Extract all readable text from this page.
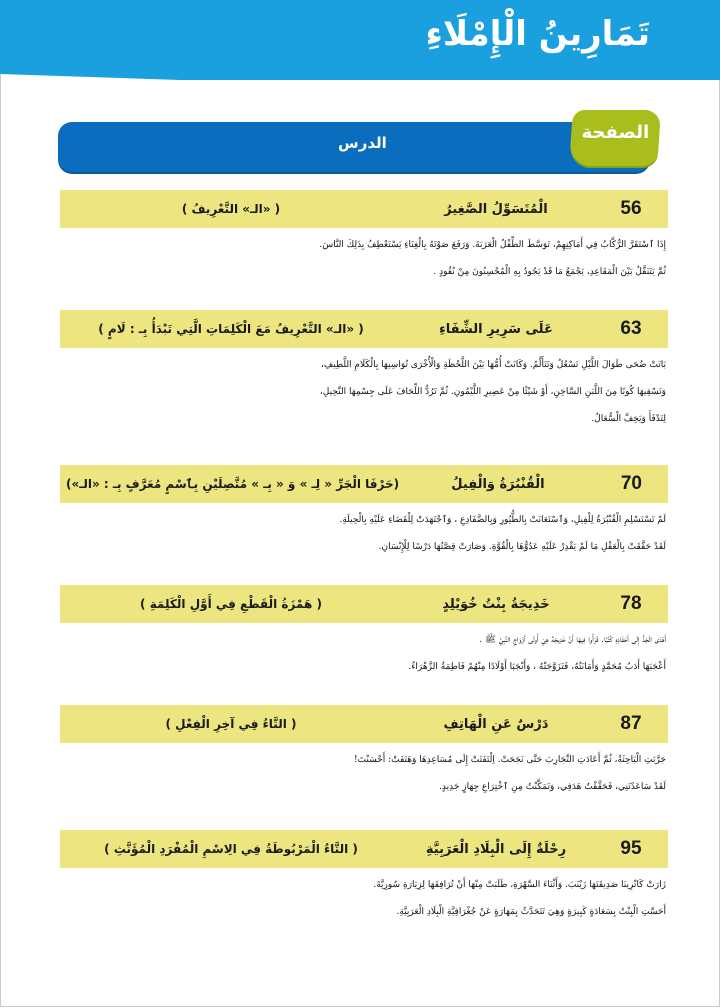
تَمَارِينُ الْإِمْلَاءِ
الدرس	الصفحة
56
الْمُتَسَوِّلُ الصَّغِيرُ
( «الـ» التَّعْرِيفُ )

إِذَا ٱسْتَقَرَّ الرُّكَّابُ فِي أَمَاكِنِهِمْ، تَوَسَّطَ الطِّفْلُ الْعَرَبَةَ. وَرَفَعَ صَوْتَهُ بِالْغِنَاءِ يَسْتَعْطِفُ بِذَلِكَ النَّاسَ.

ثُمَّ يَتَنَقَّلُ بَيْنَ الْمَقَاعِدِ، يَجْمَعُ مَا قَدْ يَجُودُ بِهِ الْمُحْسِنُونَ مِنْ نُقُودٍ .

63
عَلَى سَرِيرِ الشِّفَاءِ
( «الـ» التَّعْرِيفُ مَعَ الْكَلِمَاتِ الَّتِي تَبْدَأُ بِـ : لَامٍ )

بَاتَتْ ضُحَى طَوَالَ اللَّيْلِ تَسْعُلُ وَتَتَأَلَّمُ. وَكَانَتْ أُمُّهَا بَيْنَ اللَّحْظَةِ وَالْأُخْرَى تُوَاسِيهَا بِالْكَلَامِ اللَّطِيفِ،

وَتَسْقِيهَا كُوبًا مِنَ اللَّبَنِ السَّاخِنِ، أَوْ شَيْئًا مِنْ عَصِيرِ اللَّيْمُونِ. ثُمَّ تَرُدُّ اللِّحَافَ عَلَى جِسْمِهَا النَّحِيلِ،

لِتَدْفَأَ وَيَخِفَّ الْسُّعَالُ.

70
الْقُنْبُرَةُ وَالْفِيلُ
(حَرْفَا الْجَرِّ « لِـ » وَ « بِـ » مُتَّصِلَيْنِ بِٱسْمٍ مُعَرَّفٍ بِـ : «الـ»)

لَمْ تَسْتَسْلِمِ الْقُنْبُرَةُ لِلْفِيلِ، وَٱسْتَعَانَتْ بِالطُّيُورِ وَبِالضَّفَادِعِ ، وَٱجْتَهَدَتْ لِلْقَضَاءِ عَلَيْهِ بِالْحِيلَةِ.

لَقَدْ حَقَّقَتْ بِالْعَقْلِ مَا لَمْ يَقْدِرْ عَلَيْهِ عَدُوُّهَا بِالْقُوَّةِ. وَصَارَتْ قِصَّتُهَا دَرْسًا لِلْإِنْسَانِ.

78
خَدِيجَةُ بِنْتُ خُوَيْلِدٍ
( هَمْزَةُ الْقَطْعِ فِي أَوَّلِ الْكَلِمَةِ )

أَهْدَى الْجَدُّ إِلَى أَحْفَادِهِ كُتُبًا. قَرَأُوا فِيهَا أَنَّ خَدِيجَةَ هِيَ أُولَى أَزْوَاجِ النَّبِيِّ ﷺ .

أَعْجَبَهَا أَدَبُ مُحَمَّدٍ وَأَمَانَتُهُ، فَتَزَوَّجَتْهُ ، وَأَنْجَبَا أَوْلَادًا مِنْهُمْ فَاطِمَةُ الزَّهْرَاءُ.

87
دَرْسٌ عَنِ الْهَاتِفِ
( التَّاءُ فِي آخِرِ الْفِعْلِ )

جَرَّبَتِ الْبَاحِثَةُ، ثُمَّ أَعَادَتِ التَّجَارِبَ حَتَّى نَجَحَتْ. اِلْتَفَتَتْ إِلَى مُسَاعِدِهَا وَهَتَفَتْ: أَحْسَنْتَ!

لَقَدْ سَاعَدْتَنِي، فَحَقَّقْتُ هَدَفِي، وَتَمَكَّنْتُ مِنِ ٱخْتِرَاعِ جِهَازٍ جَدِيدٍ.

95
رِحْلَةٌ إِلَى الْبِلَادِ الْعَرَبِيَّةِ
( التَّاءُ الْمَرْبُوطَةُ فِي الِاسْمِ الْمُفْرَدِ الْمُؤَنَّثِ )

زَارَتْ كَاتْرِينَا صَدِيقَتَهَا زَيْنَبَ. وَأَثْنَاءَ السَّهْرَةِ، طَلَبَتْ مِنْهَا أَنْ تُرَافِقَهَا لِزِيَارَةِ سُورِيَّةَ.

أَحَسَّتِ الْبِنْتُ بِسَعَادَةٍ كَبِيرَةٍ وَهِيَ تَتَحَدَّثُ بِمَهَارَةٍ عَنْ جُغْرَافِيَّةِ الْبِلَادِ الْعَرَبِيَّةِ.
